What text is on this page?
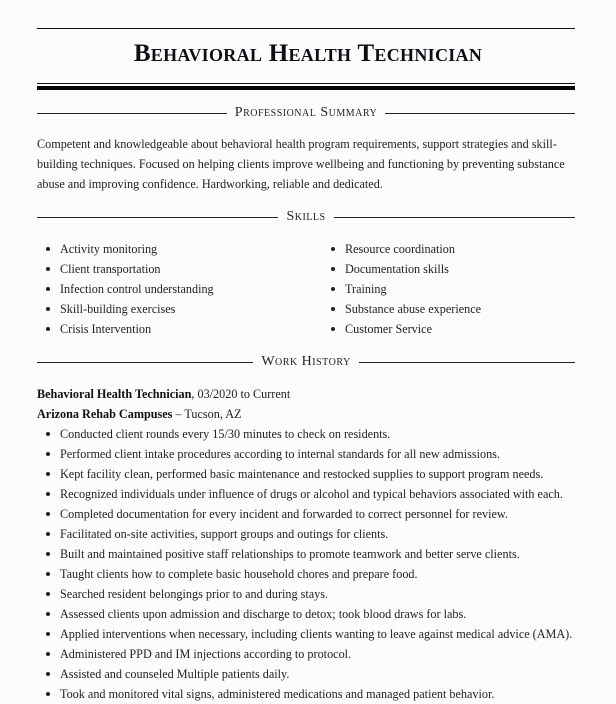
Behavioral Health Technician
Professional Summary
Competent and knowledgeable about behavioral health program requirements, support strategies and skill-building techniques. Focused on helping clients improve wellbeing and functioning by preventing substance abuse and improving confidence. Hardworking, reliable and dedicated.
Skills
Activity monitoring
Client transportation
Infection control understanding
Skill-building exercises
Crisis Intervention
Resource coordination
Documentation skills
Training
Substance abuse experience
Customer Service
Work History
Behavioral Health Technician, 03/2020 to Current
Arizona Rehab Campuses – Tucson, AZ
Conducted client rounds every 15/30 minutes to check on residents.
Performed client intake procedures according to internal standards for all new admissions.
Kept facility clean, performed basic maintenance and restocked supplies to support program needs.
Recognized individuals under influence of drugs or alcohol and typical behaviors associated with each.
Completed documentation for every incident and forwarded to correct personnel for review.
Facilitated on-site activities, support groups and outings for clients.
Built and maintained positive staff relationships to promote teamwork and better serve clients.
Taught clients how to complete basic household chores and prepare food.
Searched resident belongings prior to and during stays.
Assessed clients upon admission and discharge to detox; took blood draws for labs.
Applied interventions when necessary, including clients wanting to leave against medical advice (AMA).
Administered PPD and IM injections according to protocol.
Assisted and counseled Multiple patients daily.
Took and monitored vital signs, administered medications and managed patient behavior.
